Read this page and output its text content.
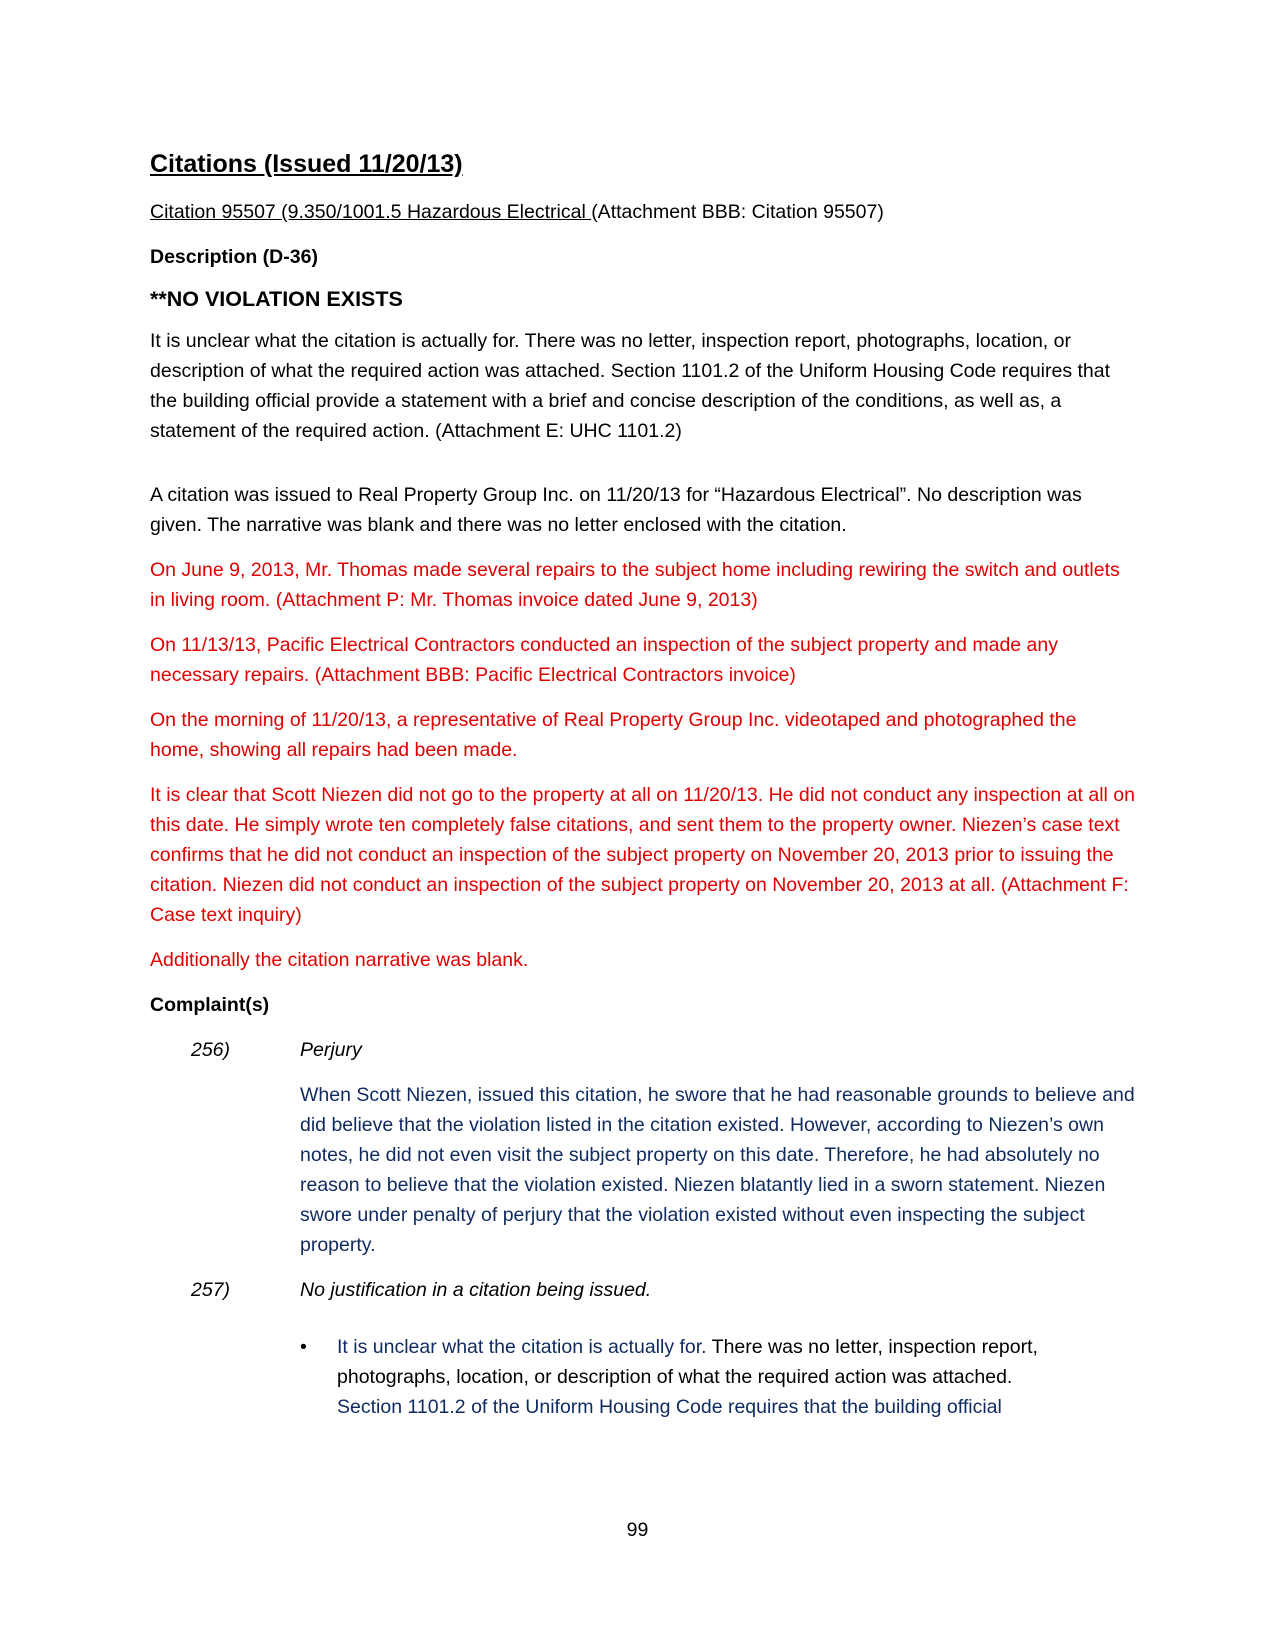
Citations (Issued 11/20/13)

Citation 95507 (9.350/1001.5 Hazardous Electrical (Attachment BBB: Citation 95507)

Description (D-36)

**NO VIOLATION EXISTS

It is unclear what the citation is actually for. There was no letter, inspection report, photographs, location, or description of what the required action was attached. Section 1101.2 of the Uniform Housing Code requires that the building official provide a statement with a brief and concise description of the conditions, as well as, a statement of the required action. (Attachment E: UHC 1101.2)

A citation was issued to Real Property Group Inc. on 11/20/13 for “Hazardous Electrical”. No description was given. The narrative was blank and there was no letter enclosed with the citation.

On June 9, 2013, Mr. Thomas made several repairs to the subject home including rewiring the switch and outlets in living room. (Attachment P: Mr. Thomas invoice dated June 9, 2013)

On 11/13/13, Pacific Electrical Contractors conducted an inspection of the subject property and made any necessary repairs. (Attachment BBB: Pacific Electrical Contractors invoice)

On the morning of 11/20/13, a representative of Real Property Group Inc. videotaped and photographed the home, showing all repairs had been made.

It is clear that Scott Niezen did not go to the property at all on 11/20/13. He did not conduct any inspection at all on this date. He simply wrote ten completely false citations, and sent them to the property owner. Niezen’s case text confirms that he did not conduct an inspection of the subject property on November 20, 2013 prior to issuing the citation. Niezen did not conduct an inspection of the subject property on November 20, 2013 at all. (Attachment F: Case text inquiry)

Additionally the citation narrative was blank.

Complaint(s)

256)	Perjury

When Scott Niezen, issued this citation, he swore that he had reasonable grounds to believe and did believe that the violation listed in the citation existed. However, according to Niezen’s own notes, he did not even visit the subject property on this date. Therefore, he had absolutely no reason to believe that the violation existed. Niezen blatantly lied in a sworn statement. Niezen swore under penalty of perjury that the violation existed without even inspecting the subject property.

257)	No justification in a citation being issued.
•	It is unclear what the citation is actually for. There was no letter, inspection report, photographs, location, or description of what the required action was attached.
Section 1101.2 of the Uniform Housing Code requires that the building official

99
